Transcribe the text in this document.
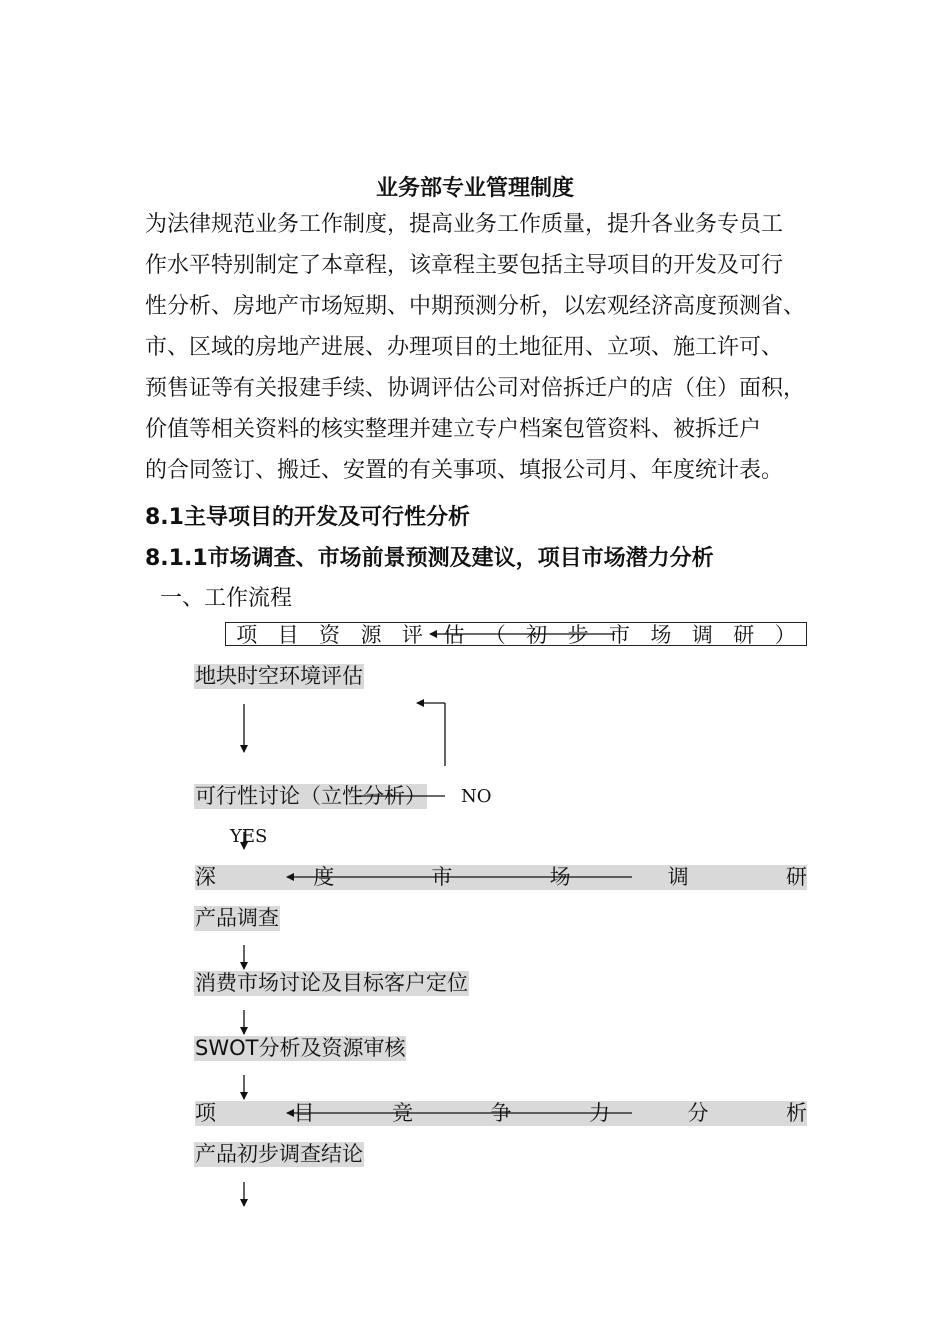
业务部专业管理制度
为法律规范业务工作制度，提高业务工作质量，提升各业务专员工
作水平特别制定了本章程，该章程主要包括主导项目的开发及可行
性分析、房地产市场短期、中期预测分析，以宏观经济高度预测省、
市、区域的房地产进展、办理项目的土地征用、立项、施工许可、
预售证等有关报建手续、协调评估公司对倍拆迁户的店（住）面积，
价值等相关资料的核实整理并建立专户档案包管资料、被拆迁户
的合同签订、搬迁、安置的有关事项、填报公司月、年度统计表。
8.1主导项目的开发及可行性分析
8.1.1市场调查、市场前景预测及建议，项目市场潜力分析
一、工作流程
项 目 资 源 评 估 （ 初 步 市 场 调 研 ）
地块时空环境评估
可行性讨论（立性分析） NO
YES
深	度	市	场	调	研
产品调查
消费市场讨论及目标客户定位
SWOT分析及资源审核
项	目	竞	争	力	分	析
产品初步调查结论
